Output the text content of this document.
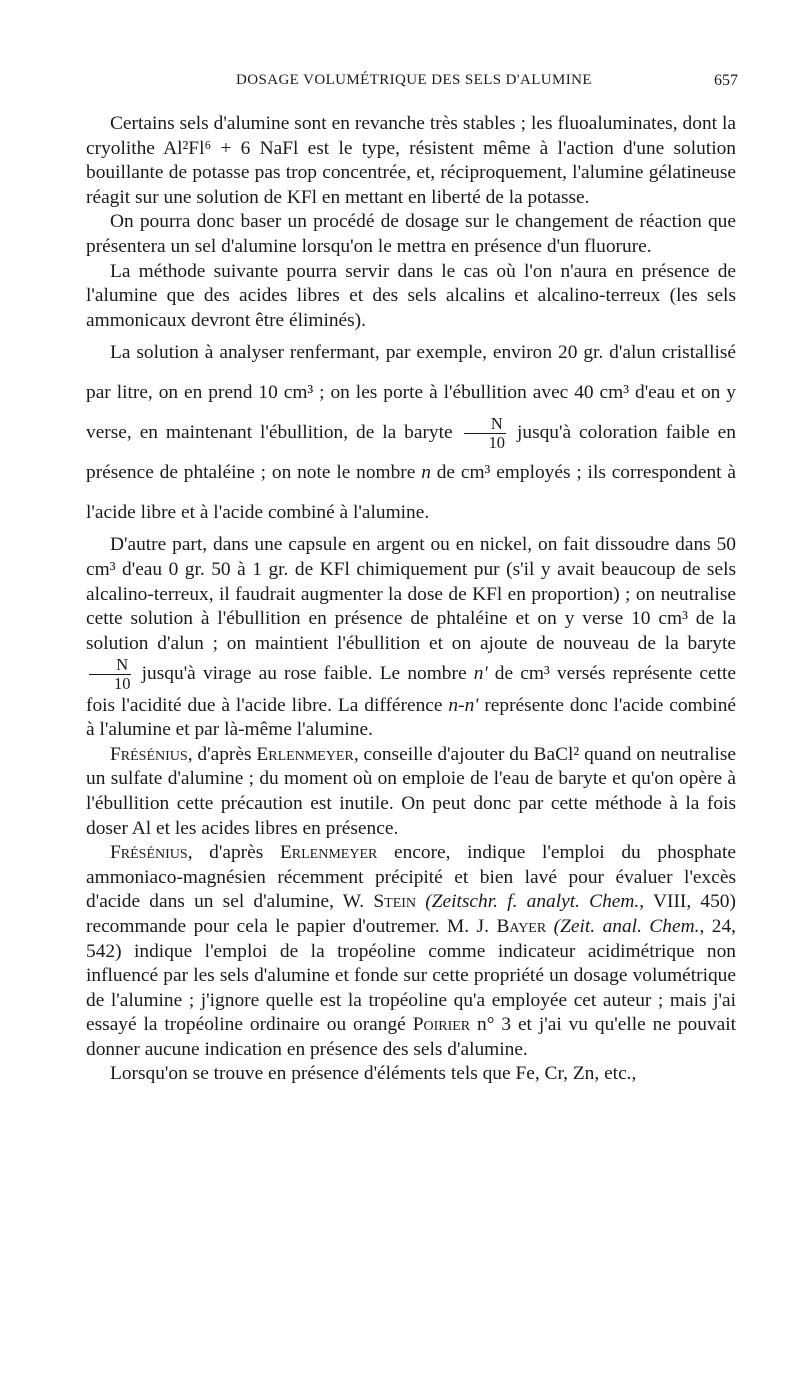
DOSAGE VOLUMÉTRIQUE DES SELS D'ALUMINE	657

Certains sels d'alumine sont en revanche très stables ; les fluoaluminates, dont la cryolithe Al²Fl⁶ + 6 NaFl est le type, résistent même à l'action d'une solution bouillante de potasse pas trop concentrée, et, réciproquement, l'alumine gélatineuse réagit sur une solution de KFl en mettant en liberté de la potasse.

On pourra donc baser un procédé de dosage sur le changement de réaction que présentera un sel d'alumine lorsqu'on le mettra en présence d'un fluorure.

La méthode suivante pourra servir dans le cas où l'on n'aura en présence de l'alumine que des acides libres et des sels alcalins et alcalino-terreux (les sels ammonicaux devront être éliminés).

La solution à analyser renfermant, par exemple, environ 20 gr. d'alun cristallisé par litre, on en prend 10 cm³ ; on les porte à l'ébullition avec 40 cm³ d'eau et on y verse, en maintenant l'ébullition, de la baryte $\frac{N}{10}$ jusqu'à coloration faible en présence de phtaléine ; on note le nombre n de cm³ employés ; ils correspondent à l'acide libre et à l'acide combiné à l'alumine.

D'autre part, dans une capsule en argent ou en nickel, on fait dissoudre dans 50 cm³ d'eau 0 gr. 50 à 1 gr. de KFl chimiquement pur (s'il y avait beaucoup de sels alcalino-terreux, il faudrait augmenter la dose de KFl en proportion) ; on neutralise cette solution à l'ébullition en présence de phtaléine et on y verse 10 cm³ de la solution d'alun ; on maintient l'ébullition et on ajoute de nouveau de la baryte
$\frac{N}{10}$ jusqu'à virage au rose faible. Le nombre n' de cm³ versés représente cette fois l'acidité due à l'acide libre. La différence n-n' représente donc l'acide combiné à l'alumine et par là-même l'alumine.

Frésénius, d'après Erlenmeyer, conseille d'ajouter du BaCl² quand on neutralise un sulfate d'alumine ; du moment où on emploie de l'eau de baryte et qu'on opère à l'ébullition cette précaution est inutile. On peut donc par cette méthode à la fois doser Al et les acides libres en présence.

Frésénius, d'après Erlenmeyer encore, indique l'emploi du phosphate ammoniaco-magnésien récemment précipité et bien lavé pour évaluer l'excès d'acide dans un sel d'alumine, W. Stein (Zeitschr. f. analyt. Chem., VIII, 450) recommande pour cela le papier d'outremer. M. J. Bayer (Zeit. anal. Chem., 24, 542) indique l'emploi de la tropéoline comme indicateur acidimétrique non influencé par les sels d'alumine et fonde sur cette propriété un dosage volumétrique de l'alumine ; j'ignore quelle est la tropéoline qu'a employée cet auteur ; mais j'ai essayé la tropéoline ordinaire ou orangé Poirier n° 3 et j'ai vu qu'elle ne pouvait donner aucune indication en présence des sels d'alumine.

Lorsqu'on se trouve en présence d'éléments tels que Fe, Cr, Zn, etc.,
